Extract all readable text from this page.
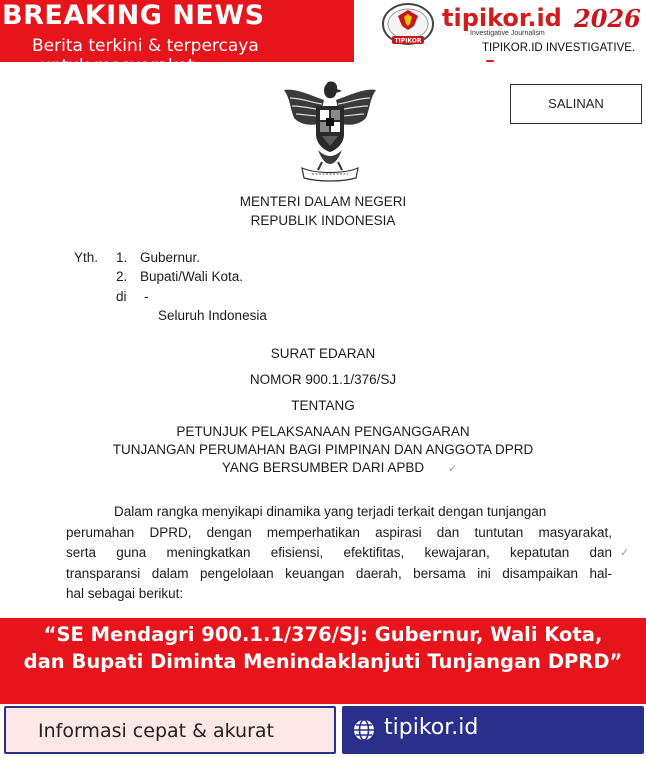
BREAKING NEWS
Berita terkini & terpercaya	TIPIKOR
tipikor.id
Investigative Journalism
2026
TIPIKOR.ID INVESTIGATIVE.
SALINAN
MENTERI DALAM NEGERI
REPUBLIK INDONESIA
Yth. 1. Gubernur.
2. Bupati/Wali Kota.
di -
Seluruh Indonesia
SURAT EDARAN
NOMOR 900.1.1/376/SJ
TENTANG
PETUNJUK PELAKSANAAN PENGANGGARAN
TUNJANGAN PERUMAHAN BAGI PIMPINAN DAN ANGGOTA DPRD
YANG BERSUMBER DARI APBD	✓
✓
Dalam rangka menyikapi dinamika yang terjadi terkait dengan tunjangan
perumahan DPRD, dengan memperhatikan aspirasi dan tuntutan masyarakat,
serta guna meningkatkan efisiensi, efektifitas, kewajaran, kepatutan dan
transparansi dalam pengelolaan keuangan daerah, bersama ini disampaikan hal-
hal sebagai berikut:
“SE Mendagri 900.1.1/376/SJ: Gubernur, Wali Kota, dan Bupati Diminta Menindaklanjuti Tunjangan DPRD”
Informasi cepat & akurat	tipikor.id
